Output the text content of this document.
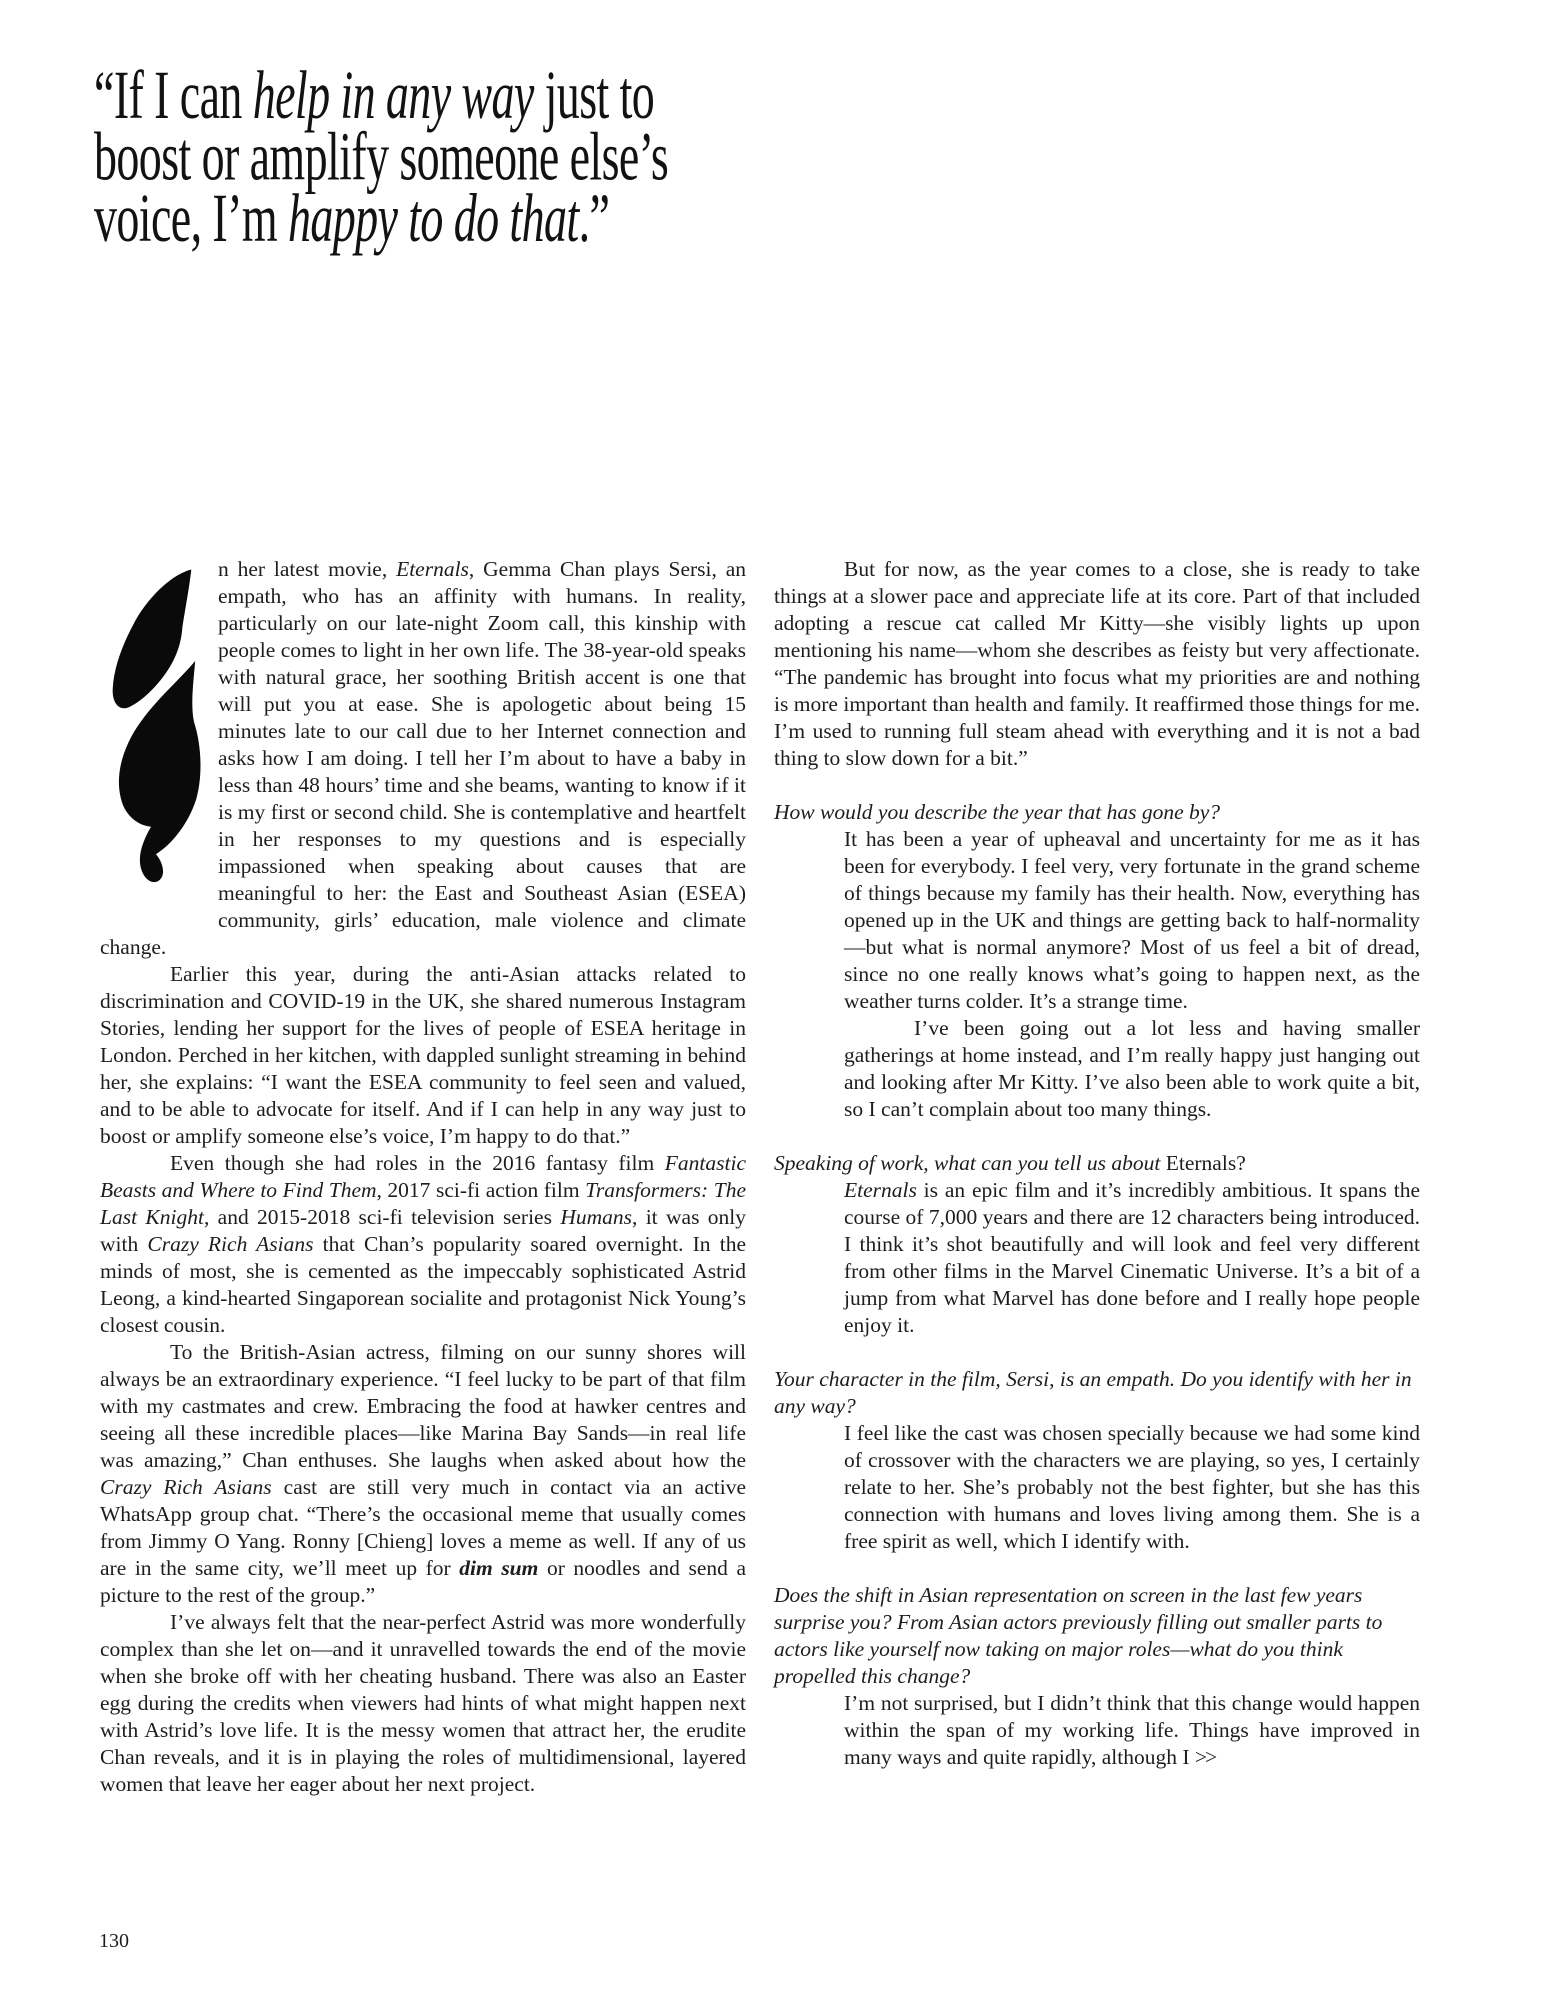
“If I can help in any way just to
boost or amplify someone else’s
voice, I’m happy to do that.”
n her latest movie, Eternals, Gemma Chan plays Sersi, an empath, who has an affinity with humans. In reality, particularly on our late-night Zoom call, this kinship with people comes to light in her own life. The 38-year-old speaks with natural grace, her soothing British accent is one that will put you at ease. She is apologetic about being 15 minutes late to our call due to her Internet connection and asks how I am doing. I tell her I’m about to have a baby in less than 48 hours’ time and she beams, wanting to know if it is my first or second child. She is contemplative and heartfelt in her responses to my questions and is especially impassioned when speaking about causes that are meaningful to her: the East and Southeast Asian (ESEA) community, girls’ education, male violence and climate change.
Earlier this year, during the anti-Asian attacks related to discrimination and COVID-19 in the UK, she shared numerous Instagram Stories, lending her support for the lives of people of ESEA heritage in London. Perched in her kitchen, with dappled sunlight streaming in behind her, she explains: “I want the ESEA community to feel seen and valued, and to be able to advocate for itself. And if I can help in any way just to boost or amplify someone else’s voice, I’m happy to do that.”
Even though she had roles in the 2016 fantasy film Fantastic Beasts and Where to Find Them, 2017 sci-fi action film Transformers: The Last Knight, and 2015-2018 sci-fi television series Humans, it was only with Crazy Rich Asians that Chan’s popularity soared overnight. In the minds of most, she is cemented as the impeccably sophisticated Astrid Leong, a kind-hearted Singaporean socialite and protagonist Nick Young’s closest cousin.
To the British-Asian actress, filming on our sunny shores will always be an extraordinary experience. “I feel lucky to be part of that film with my castmates and crew. Embracing the food at hawker centres and seeing all these incredible places—like Marina Bay Sands—in real life was amazing,” Chan enthuses. She laughs when asked about how the Crazy Rich Asians cast are still very much in contact via an active WhatsApp group chat. “There’s the occasional meme that usually comes from Jimmy O Yang. Ronny [Chieng] loves a meme as well. If any of us are in the same city, we’ll meet up for dim sum or noodles and send a picture to the rest of the group.”
I’ve always felt that the near-perfect Astrid was more wonderfully complex than she let on—and it unravelled towards the end of the movie when she broke off with her cheating husband. There was also an Easter egg during the credits when viewers had hints of what might happen next with Astrid’s love life. It is the messy women that attract her, the erudite Chan reveals, and it is in playing the roles of multidimensional, layered women that leave her eager about her next project.
But for now, as the year comes to a close, she is ready to take things at a slower pace and appreciate life at its core. Part of that included adopting a rescue cat called Mr Kitty—she visibly lights up upon mentioning his name—whom she describes as feisty but very affectionate. “The pandemic has brought into focus what my priorities are and nothing is more important than health and family. It reaffirmed those things for me. I’m used to running full steam ahead with everything and it is not a bad thing to slow down for a bit.”
How would you describe the year that has gone by?
It has been a year of upheaval and uncertainty for me as it has been for everybody. I feel very, very fortunate in the grand scheme of things because my family has their health. Now, everything has opened up in the UK and things are getting back to half-normality—but what is normal anymore? Most of us feel a bit of dread, since no one really knows what’s going to happen next, as the weather turns colder. It’s a strange time.
I’ve been going out a lot less and having smaller gatherings at home instead, and I’m really happy just hanging out and looking after Mr Kitty. I’ve also been able to work quite a bit, so I can’t complain about too many things.
Speaking of work, what can you tell us about Eternals?
Eternals is an epic film and it’s incredibly ambitious. It spans the course of 7,000 years and there are 12 characters being introduced. I think it’s shot beautifully and will look and feel very different from other films in the Marvel Cinematic Universe. It’s a bit of a jump from what Marvel has done before and I really hope people enjoy it.
Your character in the film, Sersi, is an empath. Do you identify with her in any way?
I feel like the cast was chosen specially because we had some kind of crossover with the characters we are playing, so yes, I certainly relate to her. She’s probably not the best fighter, but she has this connection with humans and loves living among them. She is a free spirit as well, which I identify with.
Does the shift in Asian representation on screen in the last few years surprise you? From Asian actors previously filling out smaller parts to actors like yourself now taking on major roles—what do you think propelled this change?
I’m not surprised, but I didn’t think that this change would happen within the span of my working life. Things have improved in many ways and quite rapidly, although I >>
130
